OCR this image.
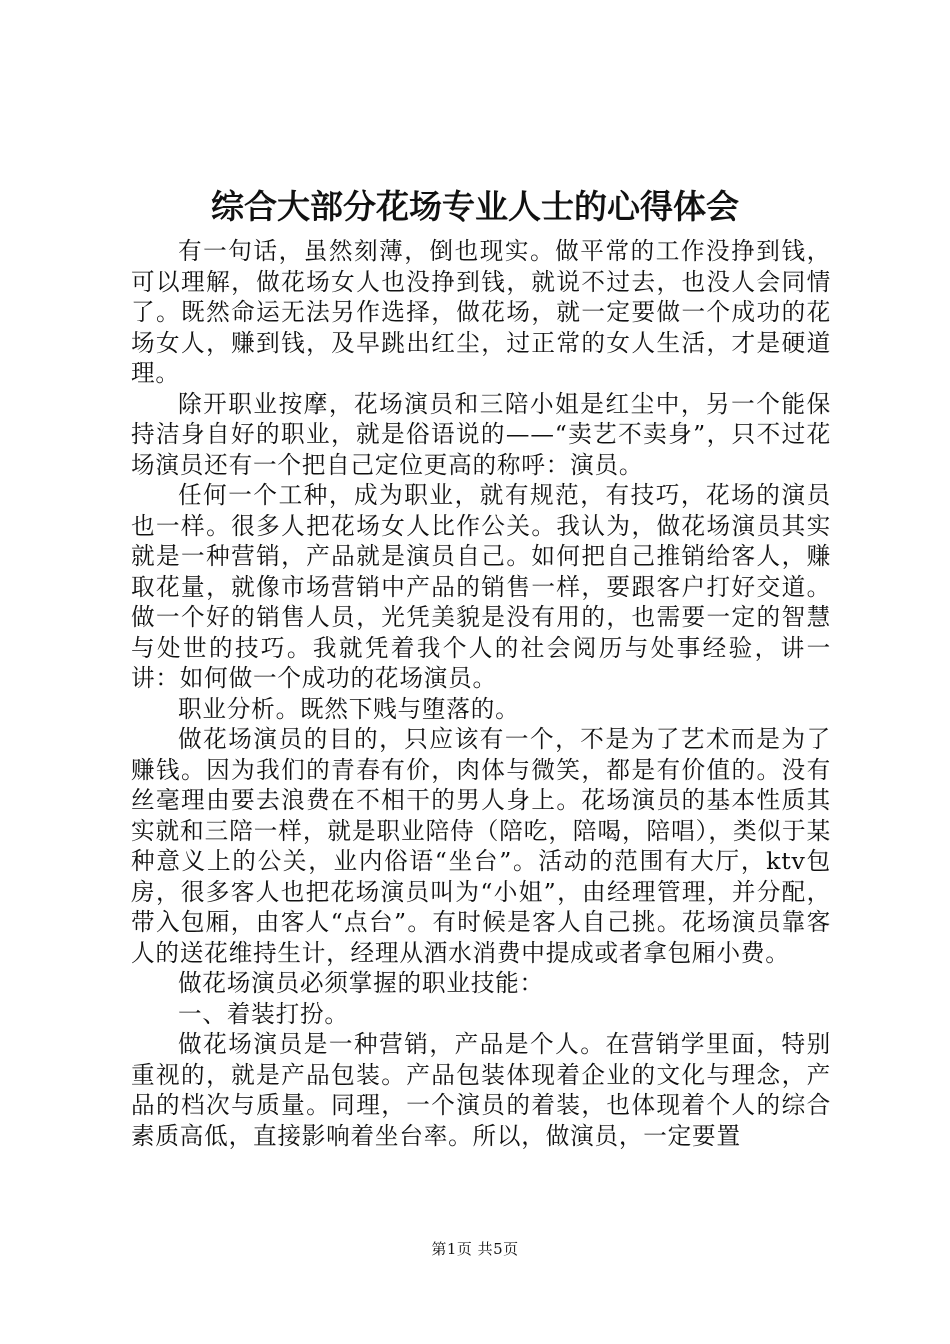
综合大部分花场专业人士的心得体会

有一句话，虽然刻薄，倒也现实。做平常的工作没挣到钱，可以理解，做花场女人也没挣到钱，就说不过去，也没人会同情了。既然命运无法另作选择，做花场，就一定要做一个成功的花场女人，赚到钱，及早跳出红尘，过正常的女人生活，才是硬道理。

除开职业按摩，花场演员和三陪小姐是红尘中，另一个能保持洁身自好的职业，就是俗语说的——“卖艺不卖身”，只不过花场演员还有一个把自己定位更高的称呼：演员。

任何一个工种，成为职业，就有规范，有技巧，花场的演员也一样。很多人把花场女人比作公关。我认为，做花场演员其实就是一种营销，产品就是演员自己。如何把自己推销给客人，赚取花量，就像市场营销中产品的销售一样，要跟客户打好交道。做一个好的销售人员，光凭美貌是没有用的，也需要一定的智慧与处世的技巧。我就凭着我个人的社会阅历与处事经验，讲一讲：如何做一个成功的花场演员。

职业分析。既然下贱与堕落的。

做花场演员的目的，只应该有一个，不是为了艺术而是为了赚钱。因为我们的青春有价，肉体与微笑，都是有价值的。没有丝毫理由要去浪费在不相干的男人身上。花场演员的基本性质其实就和三陪一样，就是职业陪侍（陪吃，陪喝，陪唱），类似于某种意义上的公关，业内俗语“坐台”。活动的范围有大厅，ktv包房，很多客人也把花场演员叫为“小姐”，由经理管理，并分配，带入包厢，由客人“点台”。有时候是客人自己挑。花场演员靠客人的送花维持生计，经理从酒水消费中提成或者拿包厢小费。

做花场演员必须掌握的职业技能：

一、着装打扮。

做花场演员是一种营销，产品是个人。在营销学里面，特别重视的，就是产品包装。产品包装体现着企业的文化与理念，产品的档次与质量。同理，一个演员的着装，也体现着个人的综合素质高低，直接影响着坐台率。所以，做演员，一定要置

第1页 共5页
